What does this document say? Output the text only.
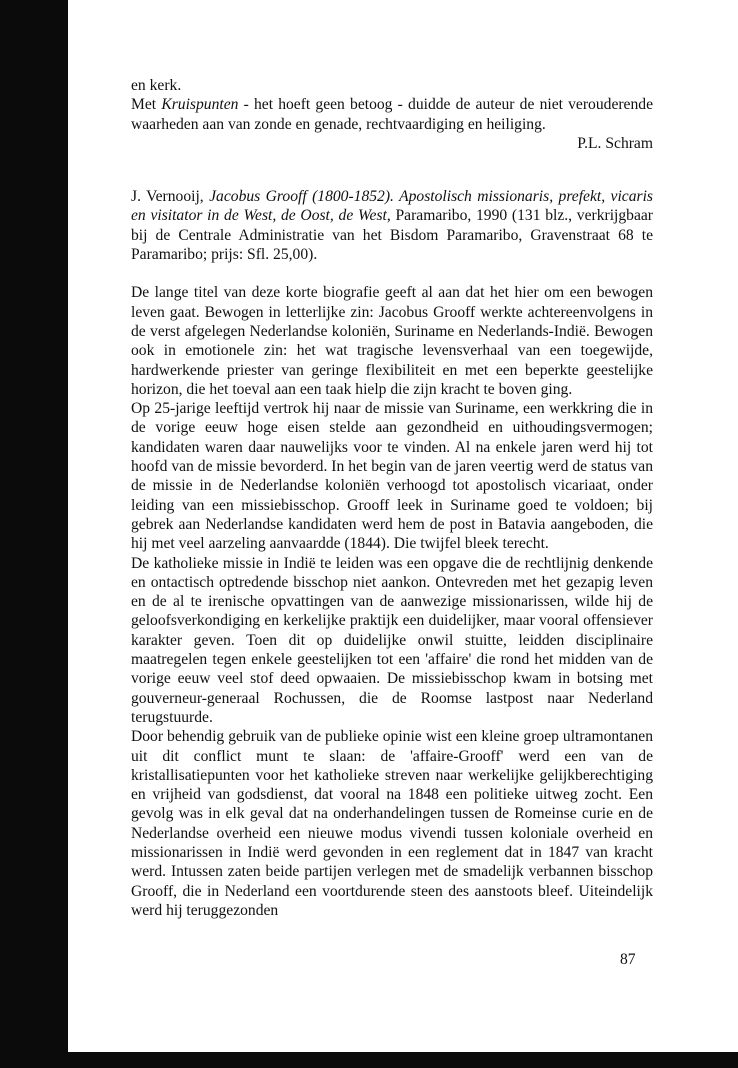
en kerk.

Met Kruispunten - het hoeft geen betoog - duidde de auteur de niet verouderende waarheden aan van zonde en genade, rechtvaardiging en heiliging.

P.L. Schram

J. Vernooij, Jacobus Grooff (1800-1852). Apostolisch missionaris, prefekt, vicaris en visitator in de West, de Oost, de West, Paramaribo, 1990 (131 blz., verkrijgbaar bij de Centrale Administratie van het Bisdom Paramaribo, Gravenstraat 68 te Paramaribo; prijs: Sfl. 25,00).

De lange titel van deze korte biografie geeft al aan dat het hier om een bewogen leven gaat. Bewogen in letterlijke zin: Jacobus Grooff werkte achtereenvolgens in de verst afgelegen Nederlandse koloniën, Suriname en Nederlands-Indië. Bewogen ook in emotionele zin: het wat tragische levensverhaal van een toegewijde, hardwerkende priester van geringe flexibiliteit en met een beperkte geestelijke horizon, die het toeval aan een taak hielp die zijn kracht te boven ging.

Op 25-jarige leeftijd vertrok hij naar de missie van Suriname, een werkkring die in de vorige eeuw hoge eisen stelde aan gezondheid en uithoudingsvermogen; kandidaten waren daar nauwelijks voor te vinden. Al na enkele jaren werd hij tot hoofd van de missie bevorderd. In het begin van de jaren veertig werd de status van de missie in de Nederlandse koloniën verhoogd tot apostolisch vicariaat, onder leiding van een missiebisschop. Grooff leek in Suriname goed te voldoen; bij gebrek aan Nederlandse kandidaten werd hem de post in Batavia aangeboden, die hij met veel aarzeling aanvaardde (1844). Die twijfel bleek terecht.

De katholieke missie in Indië te leiden was een opgave die de rechtlijnig denkende en ontactisch optredende bisschop niet aankon. Ontevreden met het gezapig leven en de al te irenische opvattingen van de aanwezige missionarissen, wilde hij de geloofsverkondiging en kerkelijke praktijk een duidelijker, maar vooral offensiever karakter geven. Toen dit op duidelijke onwil stuitte, leidden disciplinaire maatregelen tegen enkele geestelijken tot een 'affaire' die rond het midden van de vorige eeuw veel stof deed opwaaien. De missiebisschop kwam in botsing met gouverneur-generaal Rochussen, die de Roomse lastpost naar Nederland terugstuurde.

Door behendig gebruik van de publieke opinie wist een kleine groep ultramontanen uit dit conflict munt te slaan: de 'affaire-Grooff' werd een van de kristallisatiepunten voor het katholieke streven naar werkelijke gelijkberechtiging en vrijheid van godsdienst, dat vooral na 1848 een politieke uitweg zocht. Een gevolg was in elk geval dat na onderhandelingen tussen de Romeinse curie en de Nederlandse overheid een nieuwe modus vivendi tussen koloniale overheid en missionarissen in Indië werd gevonden in een reglement dat in 1847 van kracht werd. Intussen zaten beide partijen verlegen met de smadelijk verbannen bisschop Grooff, die in Nederland een voortdurende steen des aanstoots bleef. Uiteindelijk werd hij teruggezonden

87
